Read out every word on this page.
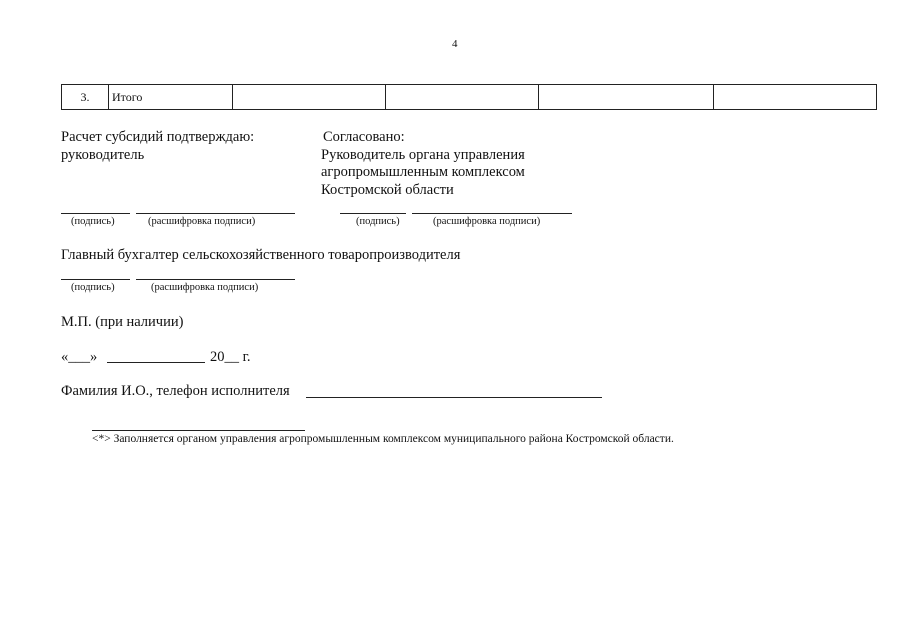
4
3.	Итого				
Расчет субсидий подтверждаю:
руководитель
Согласовано:
Руководитель органа управления
агропромышленным комплексом
Костромской области
(подпись)	(расшифровка подписи)	(подпись)	(расшифровка подписи)
Главный бухгалтер сельскохозяйственного товаропроизводителя
(подпись)	(расшифровка подписи)
М.П. (при наличии)
«___»	20__ г.
Фамилия И.О., телефон исполнителя
<*> Заполняется органом управления агропромышленным комплексом муниципального района Костромской области.
